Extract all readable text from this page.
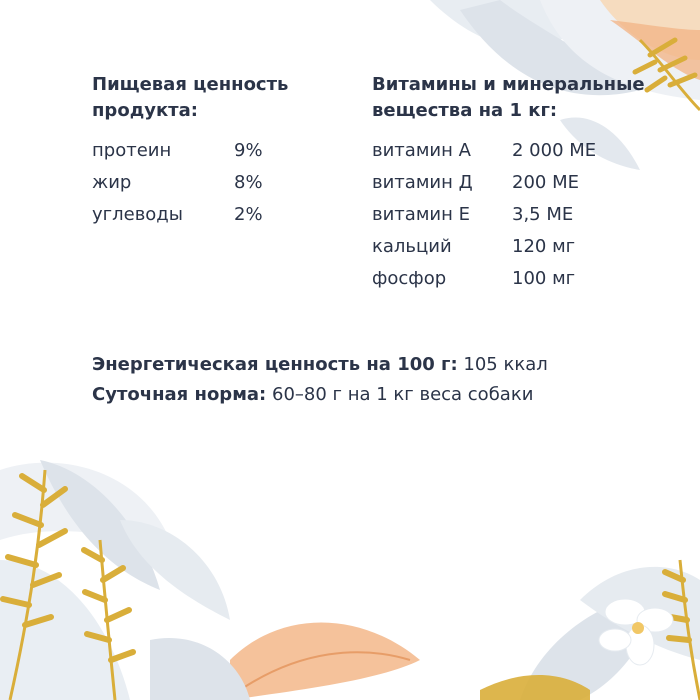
Пищевая ценность продукта:
протеин	9%
жир	8%
углеводы	2%
Витамины и минеральные вещества на 1 кг:
витамин А	2 000 МЕ
витамин Д	200 МЕ
витамин Е	3,5 МЕ
кальций	120 мг
фосфор	100 мг
Энергетическая ценность на 100 г: 105 ккал
Суточная норма: 60–80 г на 1 кг веса собаки
